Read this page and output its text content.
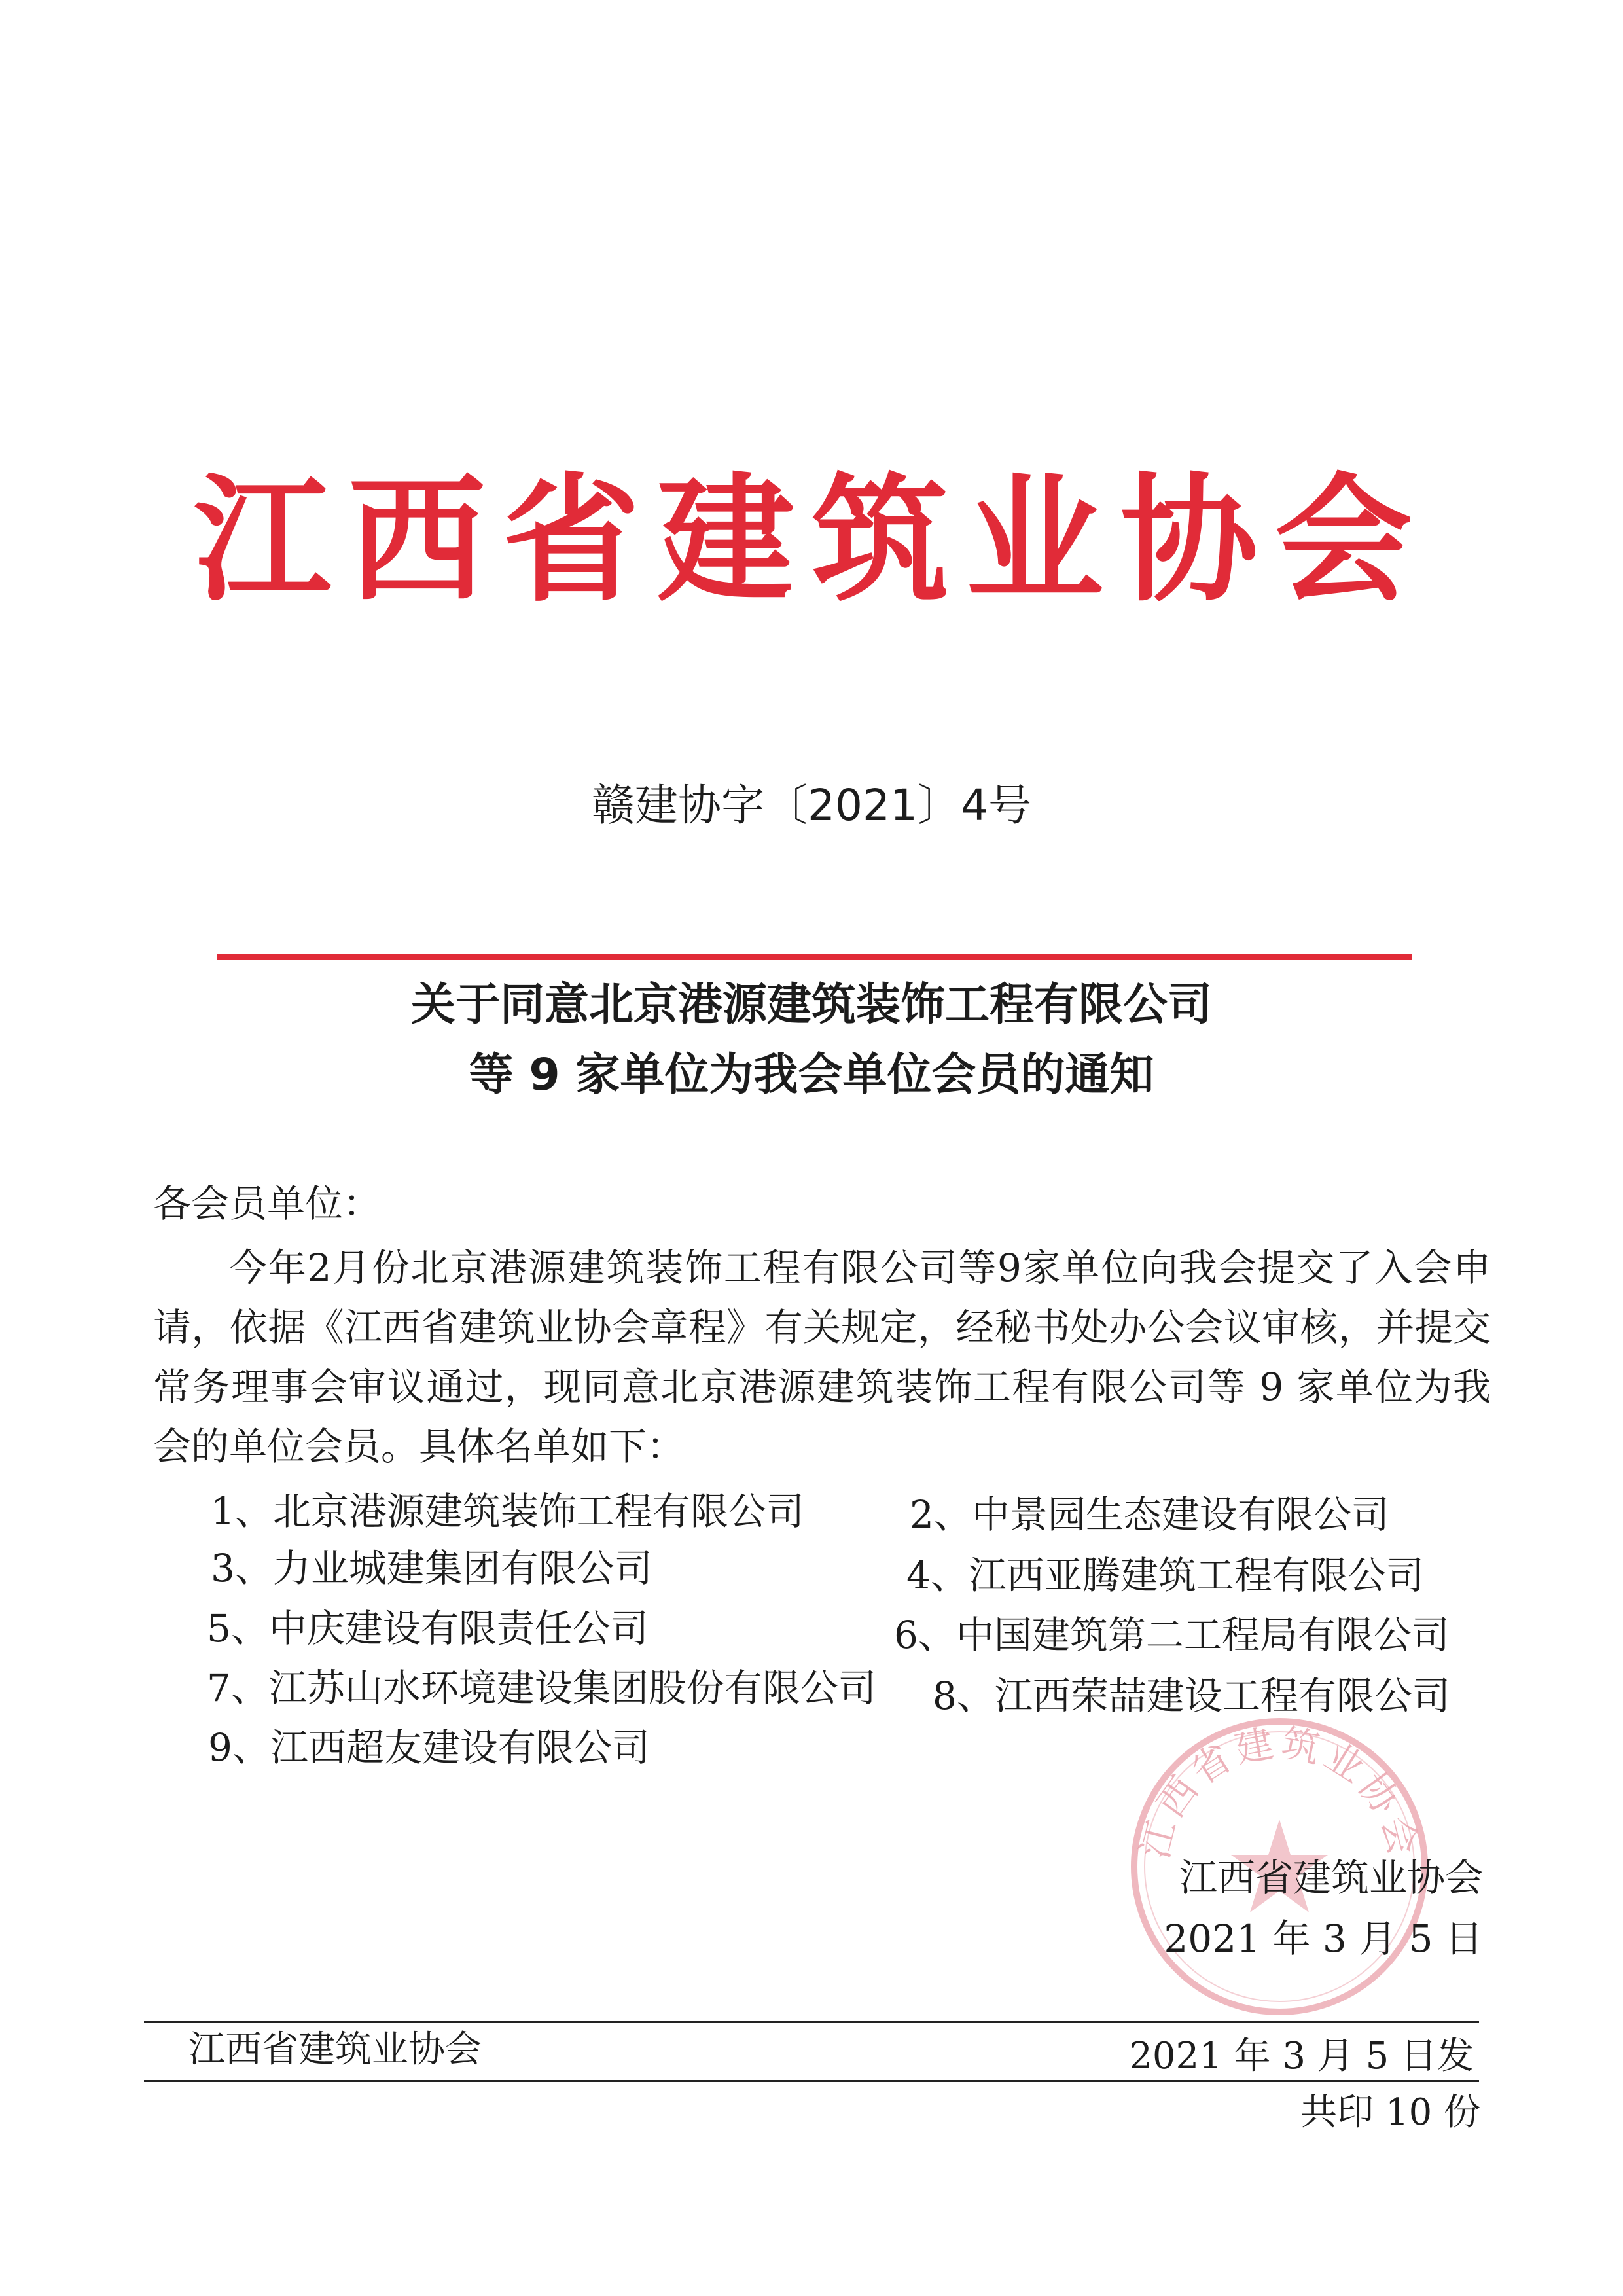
江西省建筑业协会
赣建协字〔2021〕4号
关于同意北京港源建筑装饰工程有限公司
等 9 家单位为我会单位会员的通知
各会员单位：
今年2月份北京港源建筑装饰工程有限公司等9家单位向我会提交了入会申请，依据《江西省建筑业协会章程》有关规定，经秘书处办公会议审核，并提交常务理事会审议通过，现同意北京港源建筑装饰工程有限公司等 9 家单位为我会的单位会员。具体名单如下：
1、北京港源建筑装饰工程有限公司	2、中景园生态建设有限公司
3、力业城建集团有限公司	4、江西亚腾建筑工程有限公司
5、中庆建设有限责任公司	6、中国建筑第二工程局有限公司
7、江苏山水环境建设集团股份有限公司 8、江西荣喆建设工程有限公司
9、江西超友建设有限公司
江西省建筑业协会
江西省建筑业协会
2021 年 3 月 5 日
江西省建筑业协会	2021 年 3 月 5 日发
共印 10 份
